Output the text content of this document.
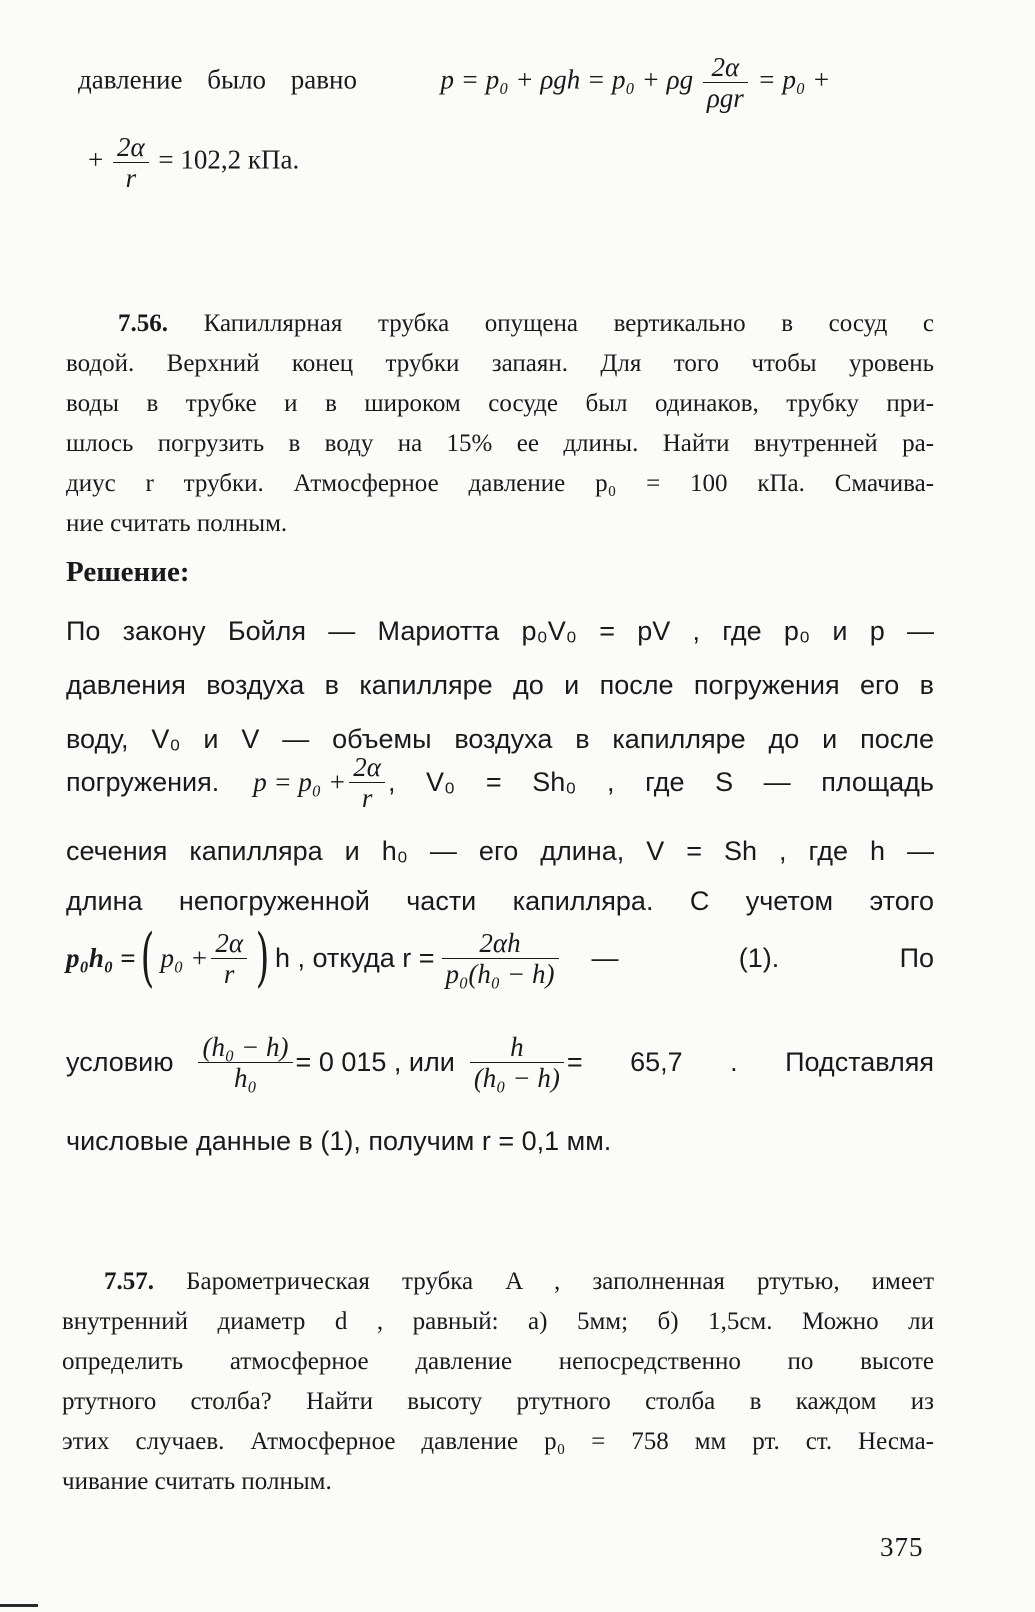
давление было равно	p = p₀ + ρgh = p₀ + ρg $\frac{2\alpha}{\text{ρgr}} = p_0$ +
+ $\frac{2\alpha}{r} = 102,2$ кПа.
7.56. Капиллярная трубка опущена вертикально в сосуд с
водой. Верхний конец трубки запаян. Для того чтобы уровень
воды в трубке и в широком сосуде был одинаков, трубку при-
шлось погрузить в воду на 15% ее длины. Найти внутренней ра-
диус r трубки. Атмосферное давление p₀ = 100 кПа. Смачива-
ние считать полным.
Решение:
По закону Бойля — Мариотта p₀V₀ = pV , где p₀ и p —
давления воздуха в капилляре до и после погружения его в
воду, V₀ и V — объемы воздуха в капилляре до и после
погружения. $p = p_0 + \frac{2\alpha}{r}$ , V₀ = Sh₀ , где S — площадь
сечения капилляра и h₀ — его длина, V = Sh , где h —
длина непогруженной части капилляра. С учетом этого
p₀h₀ = ( $p_0 + \frac{2\alpha}{r}$ ) h , откуда $r = \frac{2\alpha h}{\text{p₀(h₀ − h)}}$ — (1). По
условию $\frac{\text{(h₀ − h)}}{\text{h₀}} = 0$ 015 , или $\frac{h}{\text{(h₀ − h)}} = 65,7$ . Подставляя
числовые данные в (1), получим r = 0,1 мм.
7.57. Барометрическая трубка A , заполненная ртутью, имеет
внутренний диаметр d , равный: а) 5мм; б) 1,5см. Можно ли
определить атмосферное давление непосредственно по высоте
ртутного столба? Найти высоту ртутного столба в каждом из
этих случаев. Атмосферное давление p₀ = 758 мм рт. ст. Несма-
чивание считать полным.
375
